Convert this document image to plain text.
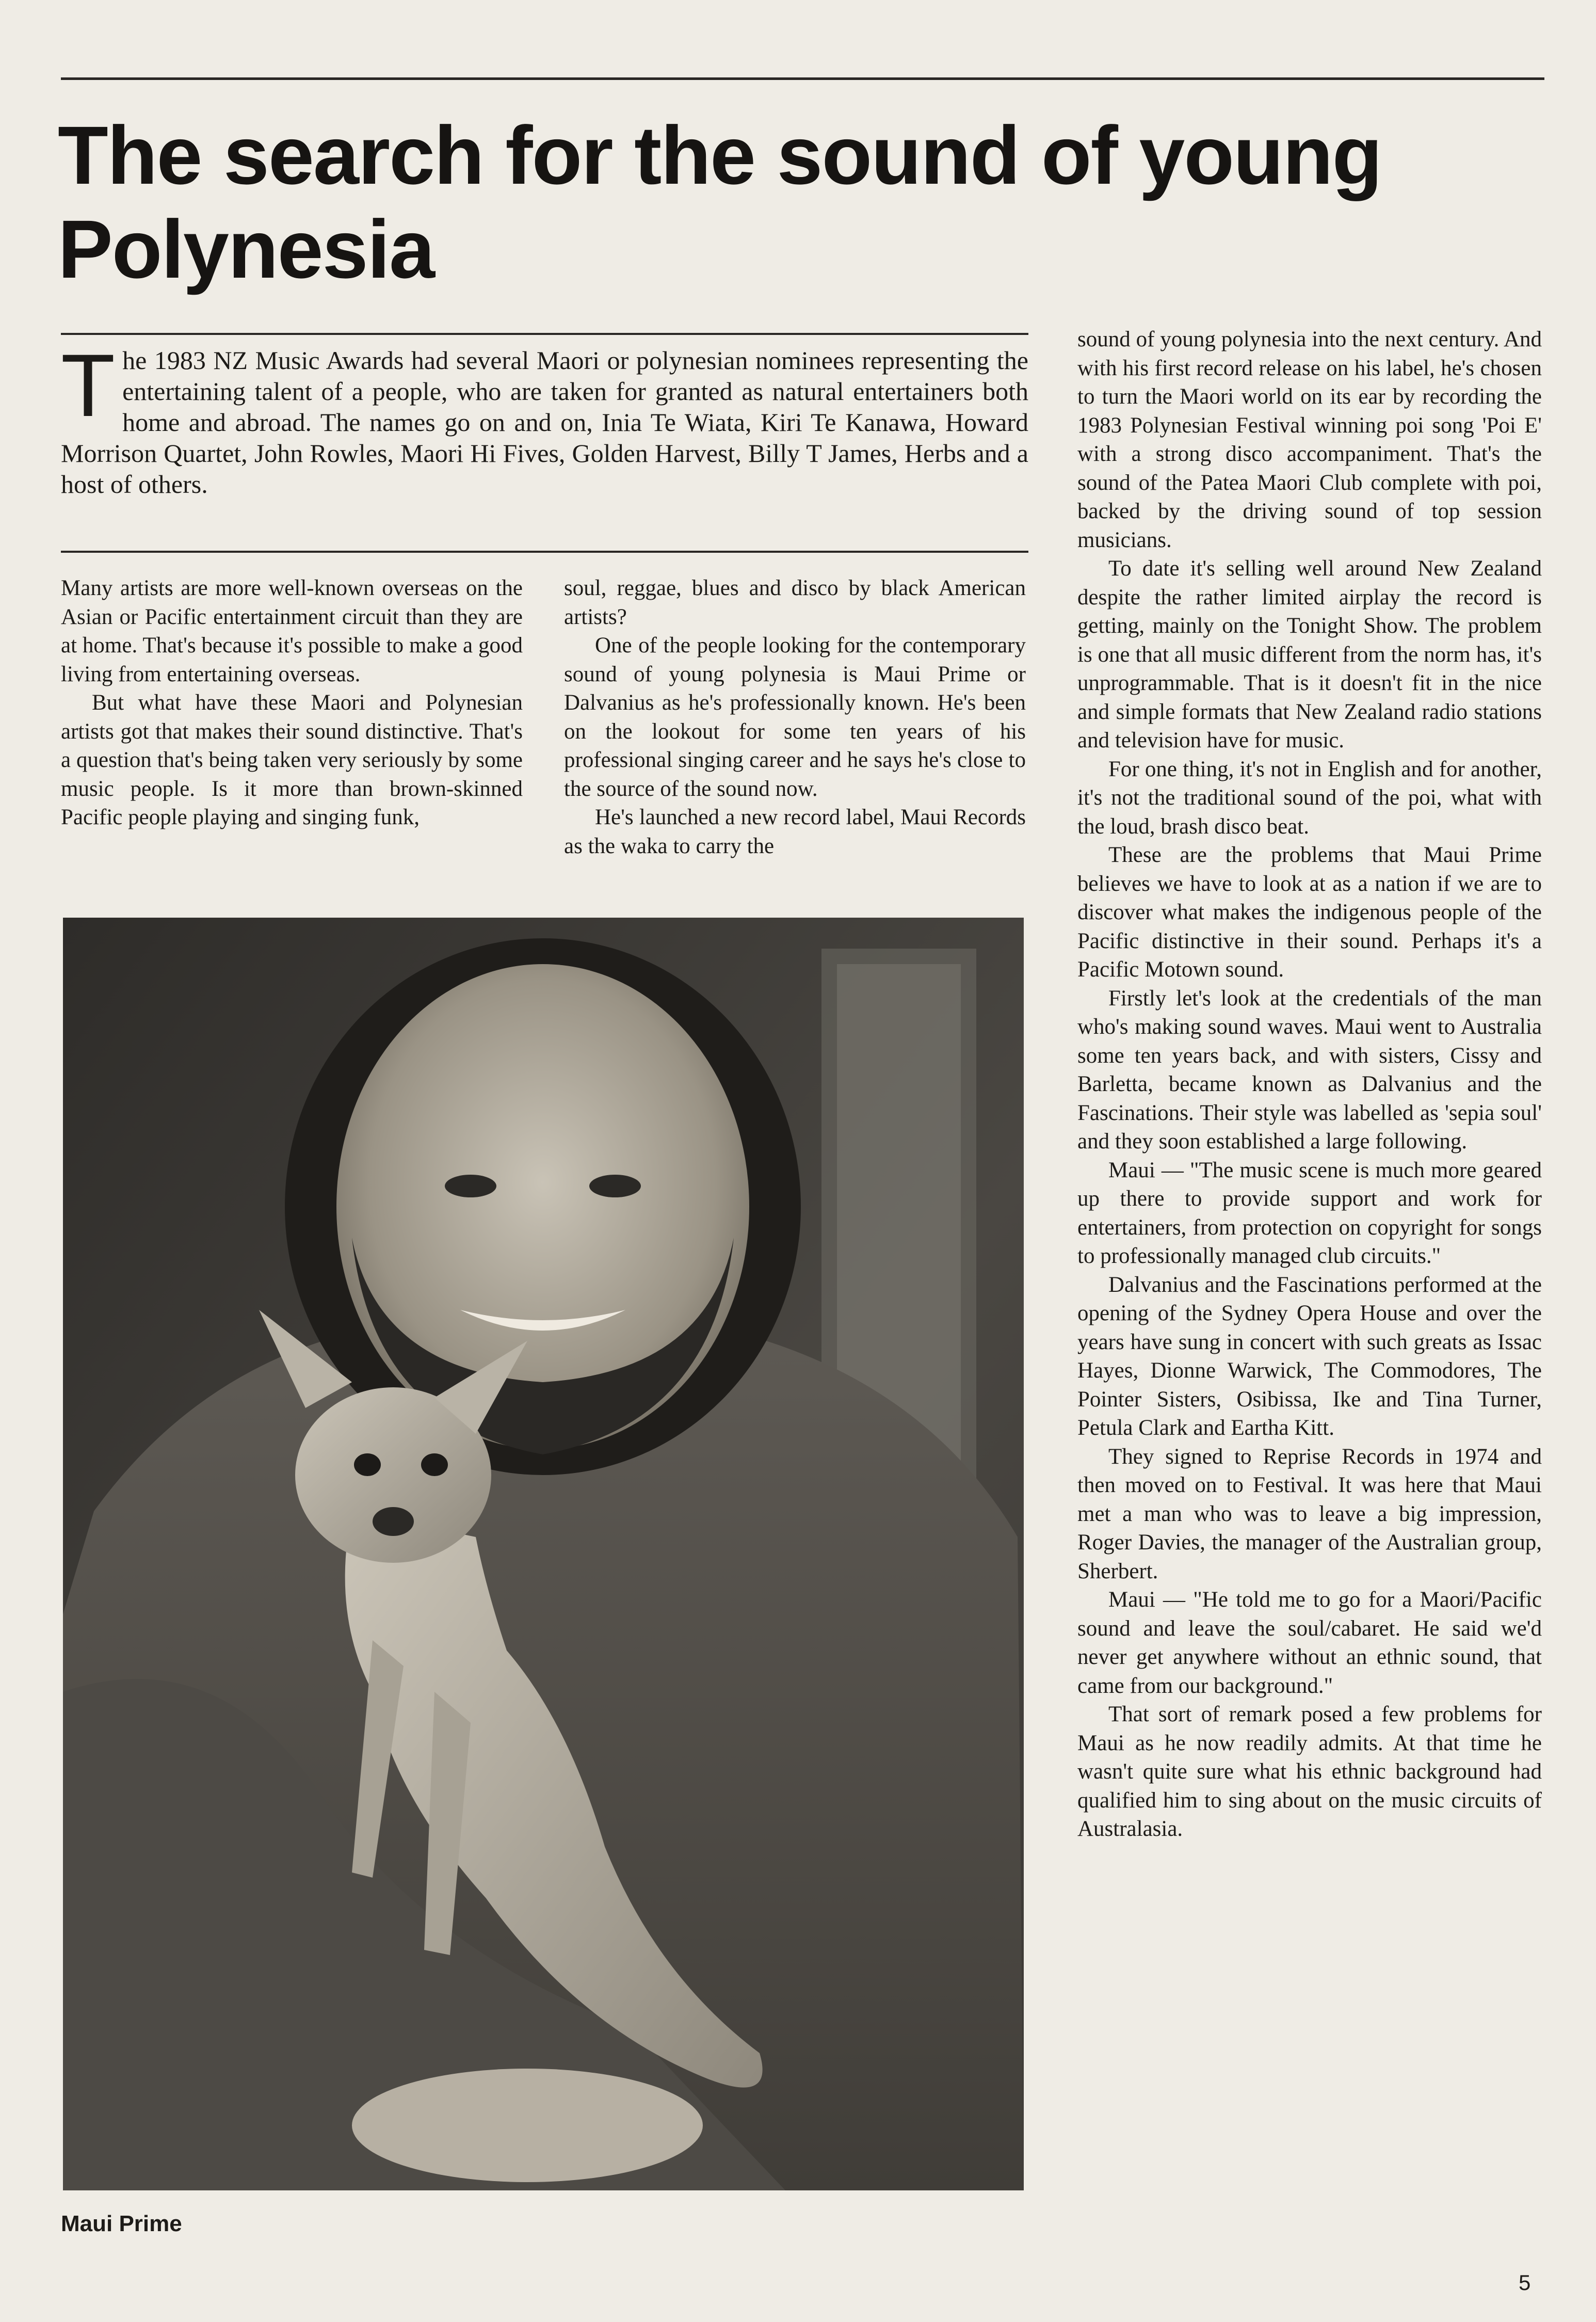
The search for the sound of young Polynesia

The 1983 NZ Music Awards had several Maori or polynesian nominees representing the entertaining talent of a people, who are taken for granted as natural entertainers both home and abroad. The names go on and on, Inia Te Wiata, Kiri Te Kanawa, Howard Morrison Quartet, John Rowles, Maori Hi Fives, Golden Harvest, Billy T James, Herbs and a host of others.

Many artists are more well-known overseas on the Asian or Pacific entertainment circuit than they are at home. That's because it's possible to make a good living from entertaining overseas.

But what have these Maori and Polynesian artists got that makes their sound distinctive. That's a question that's being taken very seriously by some music people. Is it more than brown-skinned Pacific people playing and singing funk,

soul, reggae, blues and disco by black American artists?

One of the people looking for the contemporary sound of young polynesia is Maui Prime or Dalvanius as he's professionally known. He's been on the lookout for some ten years of his professional singing career and he says he's close to the source of the sound now.

He's launched a new record label, Maui Records as the waka to carry the

Maui Prime

sound of young polynesia into the next century. And with his first record release on his label, he's chosen to turn the Maori world on its ear by recording the 1983 Polynesian Festival winning poi song 'Poi E' with a strong disco accompaniment. That's the sound of the Patea Maori Club complete with poi, backed by the driving sound of top session musicians.

To date it's selling well around New Zealand despite the rather limited airplay the record is getting, mainly on the Tonight Show. The problem is one that all music different from the norm has, it's unprogrammable. That is it doesn't fit in the nice and simple formats that New Zealand radio stations and television have for music.

For one thing, it's not in English and for another, it's not the traditional sound of the poi, what with the loud, brash disco beat.

These are the problems that Maui Prime believes we have to look at as a nation if we are to discover what makes the indigenous people of the Pacific distinctive in their sound. Perhaps it's a Pacific Motown sound.

Firstly let's look at the credentials of the man who's making sound waves. Maui went to Australia some ten years back, and with sisters, Cissy and Barletta, became known as Dalvanius and the Fascinations. Their style was labelled as 'sepia soul' and they soon established a large following.

Maui — "The music scene is much more geared up there to provide support and work for entertainers, from protection on copyright for songs to professionally managed club circuits."

Dalvanius and the Fascinations performed at the opening of the Sydney Opera House and over the years have sung in concert with such greats as Issac Hayes, Dionne Warwick, The Commodores, The Pointer Sisters, Osibissa, Ike and Tina Turner, Petula Clark and Eartha Kitt.

They signed to Reprise Records in 1974 and then moved on to Festival. It was here that Maui met a man who was to leave a big impression, Roger Davies, the manager of the Australian group, Sherbert.

Maui — "He told me to go for a Maori/Pacific sound and leave the soul/cabaret. He said we'd never get anywhere without an ethnic sound, that came from our background."

That sort of remark posed a few problems for Maui as he now readily admits. At that time he wasn't quite sure what his ethnic background had qualified him to sing about on the music circuits of Australasia.

5
